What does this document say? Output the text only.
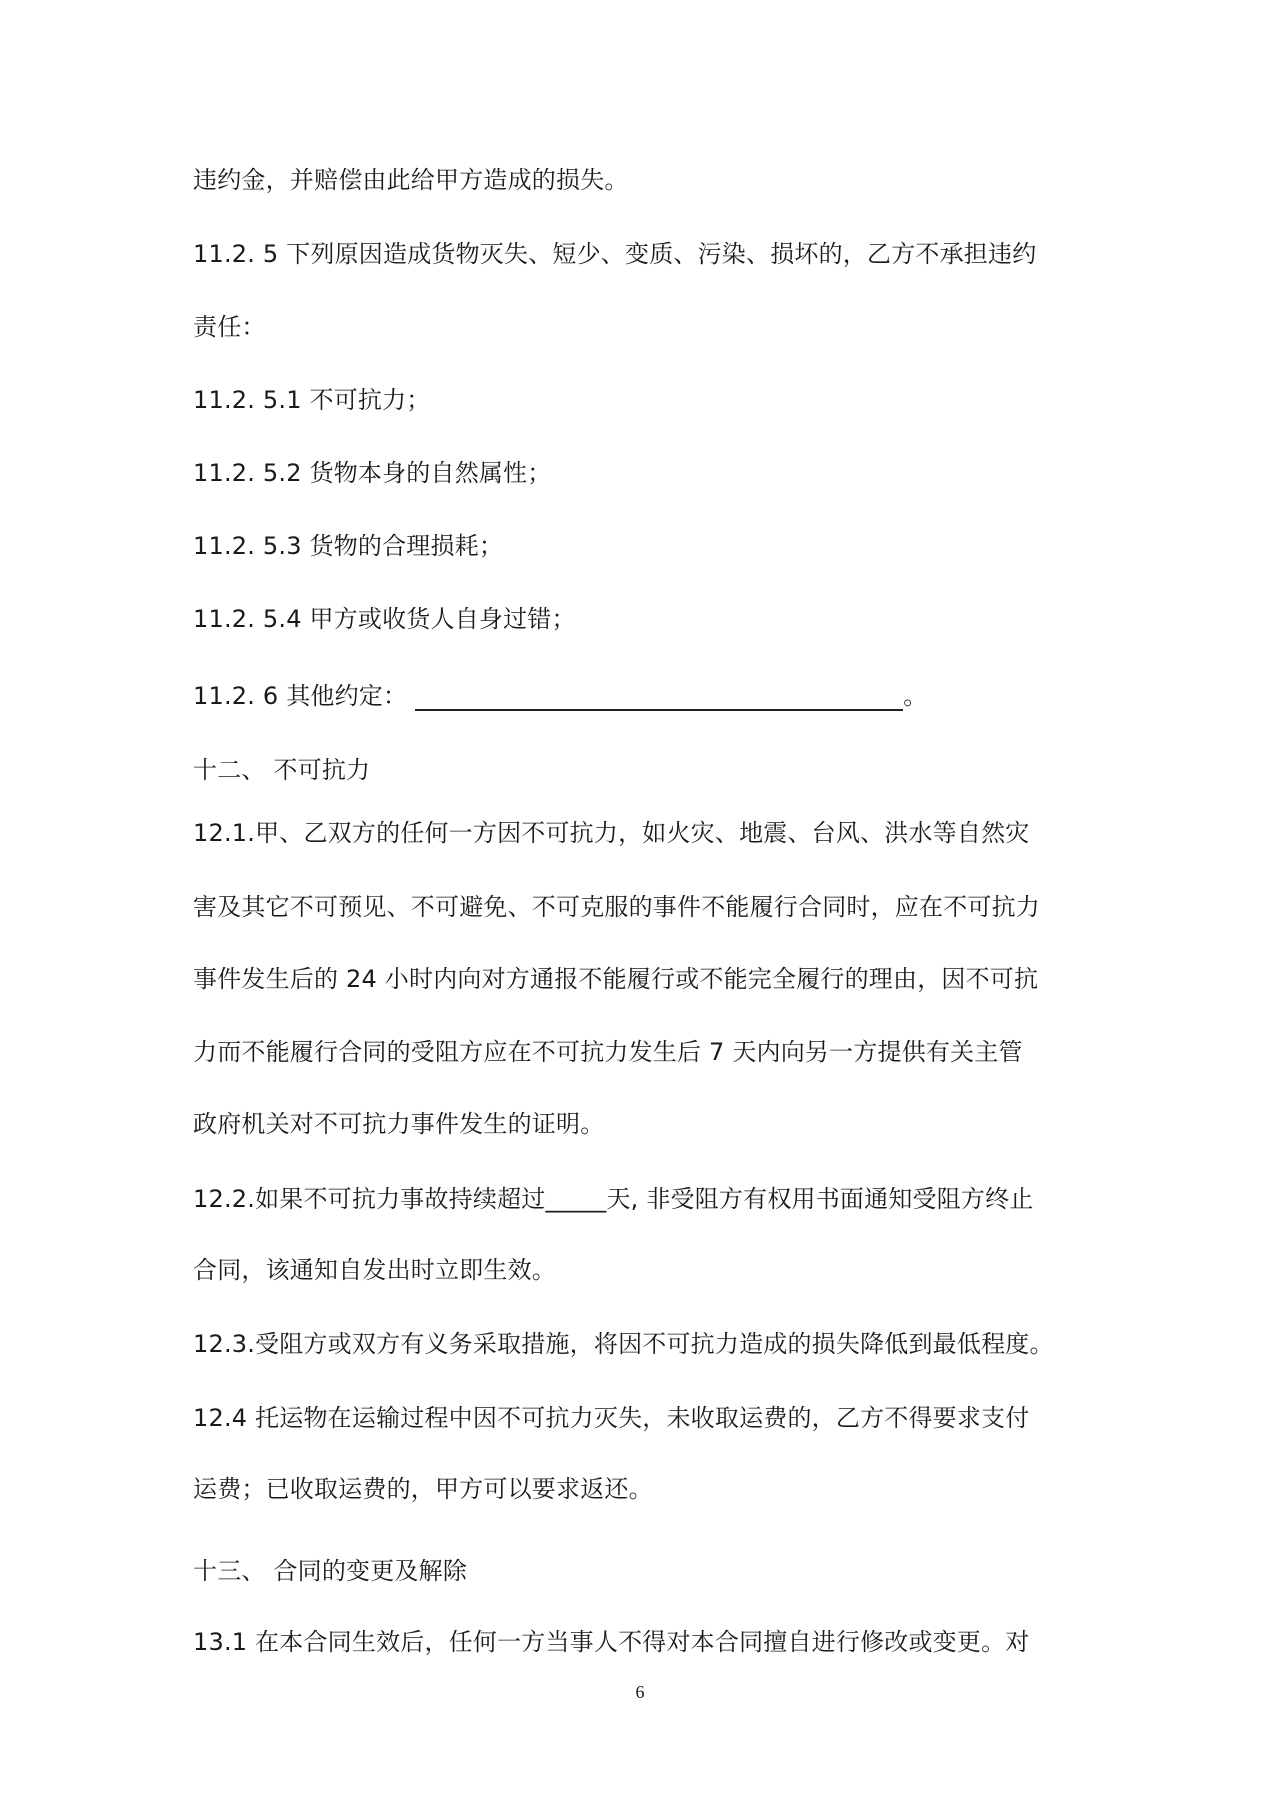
违约金，并赔偿由此给甲方造成的损失。
11.2. 5 下列原因造成货物灭失、短少、变质、污染、损坏的，乙方不承担违约
责任：
11.2. 5.1 不可抗力；
11.2. 5.2 货物本身的自然属性；
11.2. 5.3 货物的合理损耗；
11.2. 5.4 甲方或收货人自身过错；
11.2. 6 其他约定：	。
十二、 不可抗力
12.1.甲、乙双方的任何一方因不可抗力，如火灾、地震、台风、洪水等自然灾
害及其它不可预见、不可避免、不可克服的事件不能履行合同时，应在不可抗力
事件发生后的 24 小时内向对方通报不能履行或不能完全履行的理由，因不可抗
力而不能履行合同的受阻方应在不可抗力发生后 7 天内向另一方提供有关主管
政府机关对不可抗力事件发生的证明。
12.2.如果不可抗力事故持续超过_____天, 非受阻方有权用书面通知受阻方终止
合同，该通知自发出时立即生效。
12.3.受阻方或双方有义务采取措施，将因不可抗力造成的损失降低到最低程度。
12.4 托运物在运输过程中因不可抗力灭失，未收取运费的，乙方不得要求支付
运费；已收取运费的，甲方可以要求返还。
十三、 合同的变更及解除
13.1 在本合同生效后，任何一方当事人不得对本合同擅自进行修改或变更。对
6
